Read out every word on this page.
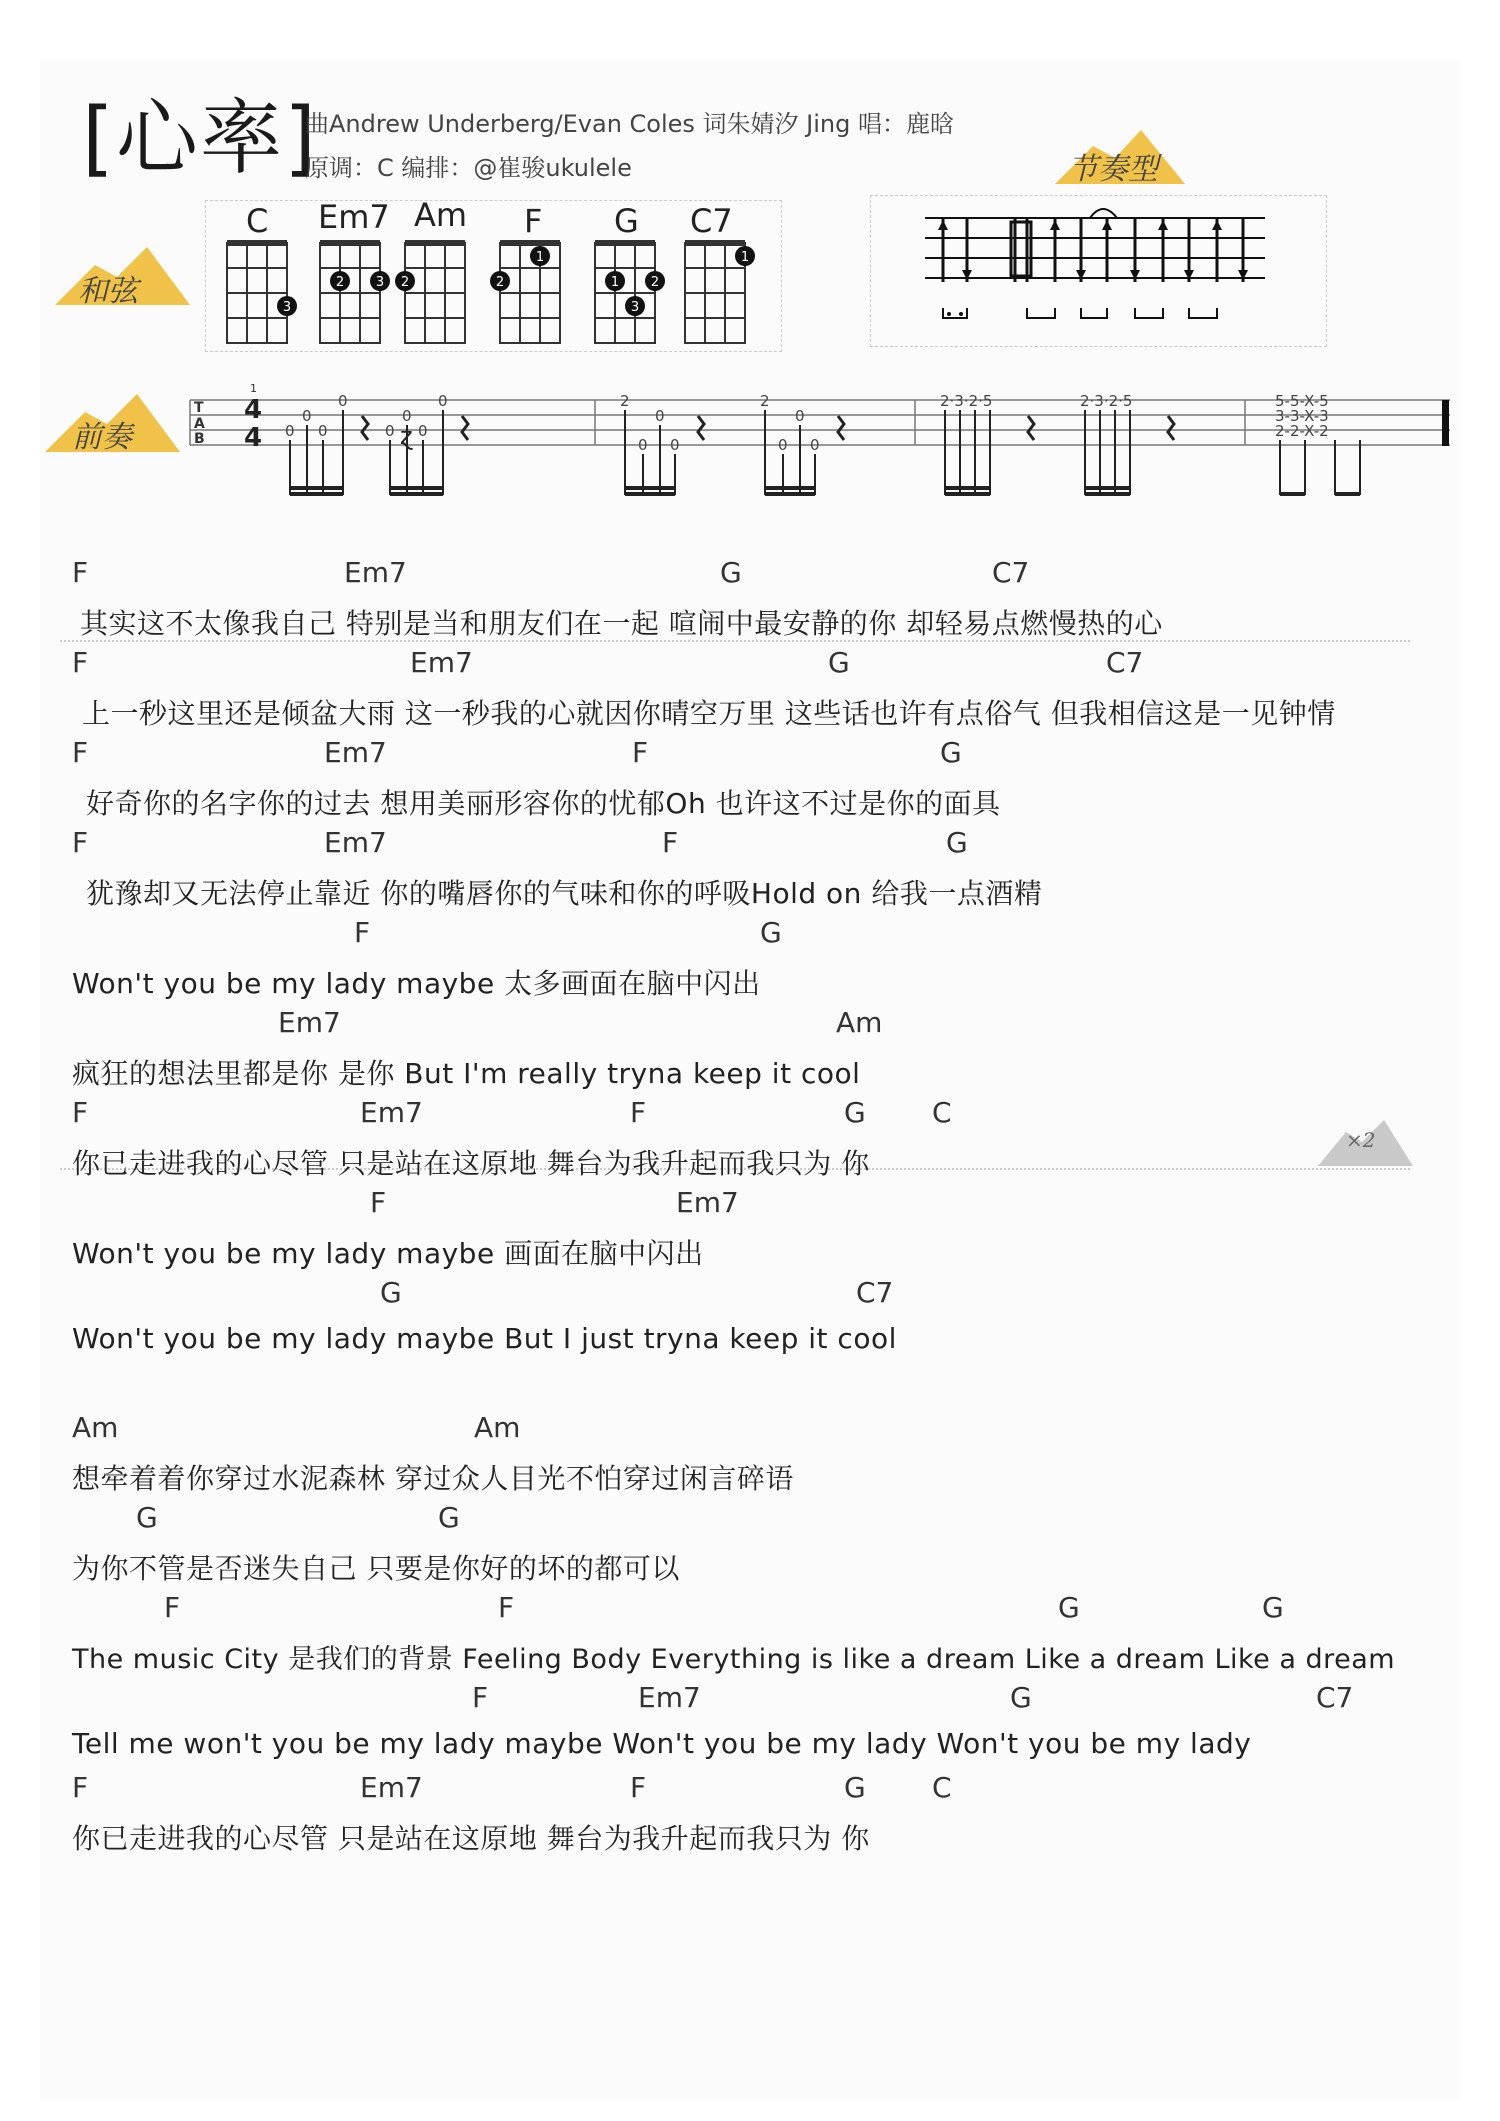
[心率]
曲Andrew Underberg/Evan Coles 词朱婧汐 Jing 唱：鹿晗
原调：C 编排：@崔骏ukulele	节奏型
和弦
C Em7 Am F G C7
3
2 3 2	2
1
1 2
3
1
前奏
T
A
B
1
4
4 0
0
0
0
0
0
0
0	2
0
0 0
2
0
0 0
2·3·2·5	2·3·2·5	5-5-X-5
3-3-X-3
2-2-X-2
ɀ
×2
F	Em7	G	C7
其实这不太像我自己 特别是当和朋友们在一起 喧闹中最安静的你 却轻易点燃慢热的心
F	Em7	G	C7
上一秒这里还是倾盆大雨 这一秒我的心就因你晴空万里 这些话也许有点俗气 但我相信这是一见钟情
F	Em7	F	G
好奇你的名字你的过去 想用美丽形容你的忧郁Oh 也许这不过是你的面具
F	Em7	F	G
犹豫却又无法停止靠近 你的嘴唇你的气味和你的呼吸Hold on 给我一点酒精
F	G
Won't you be my lady maybe 太多画面在脑中闪出
Em7	Am
疯狂的想法里都是你 是你 But I'm really tryna keep it cool
F	Em7	F	G C
你已走进我的心尽管 只是站在这原地 舞台为我升起而我只为 你
F	Em7
Won't you be my lady maybe 画面在脑中闪出
G	C7
Won't you be my lady maybe But I just tryna keep it cool
Am	Am
想牵着着你穿过水泥森林 穿过众人目光不怕穿过闲言碎语
G	G
为你不管是否迷失自己 只要是你好的坏的都可以
F	F	G	G
The music City 是我们的背景 Feeling Body Everything is like a dream Like a dream Like a dream
F	Em7	G	C7
Tell me won't you be my lady maybe Won't you be my lady Won't you be my lady
F	Em7	F	G C
你已走进我的心尽管 只是站在这原地 舞台为我升起而我只为 你
